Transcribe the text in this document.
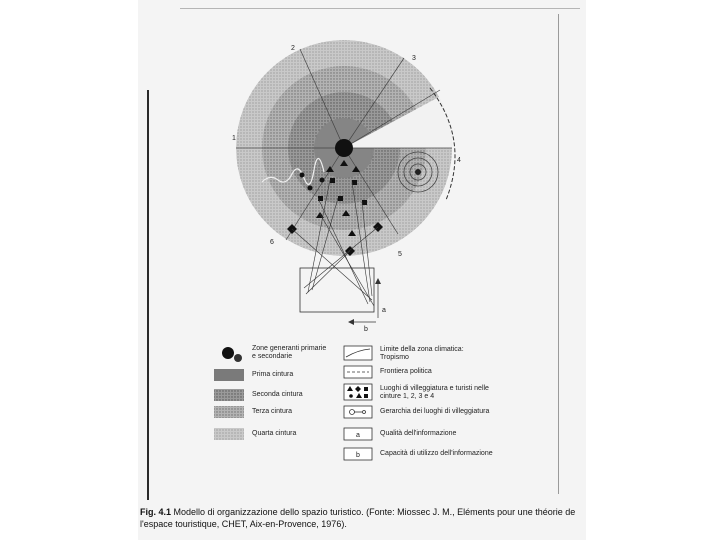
a
b
1
2
3
4
5
6
a
b
Zone generanti primarie e secondarie
Prima cintura
Seconda cintura
Terza cintura
Quarta cintura
Limite della zona climatica: Tropismo
Frontiera politica
Luoghi di villeggiatura e turisti nelle cinture 1, 2, 3 e 4
Gerarchia dei luoghi di villeggiatura
Qualità dell'informazione
Capacità di utilizzo dell'informazione
Fig. 4.1 Modello di organizzazione dello spazio turistico. (Fonte: Miossec J. M., Eléments pour une théorie de l'espace touristique, CHET, Aix-en-Provence, 1976).
